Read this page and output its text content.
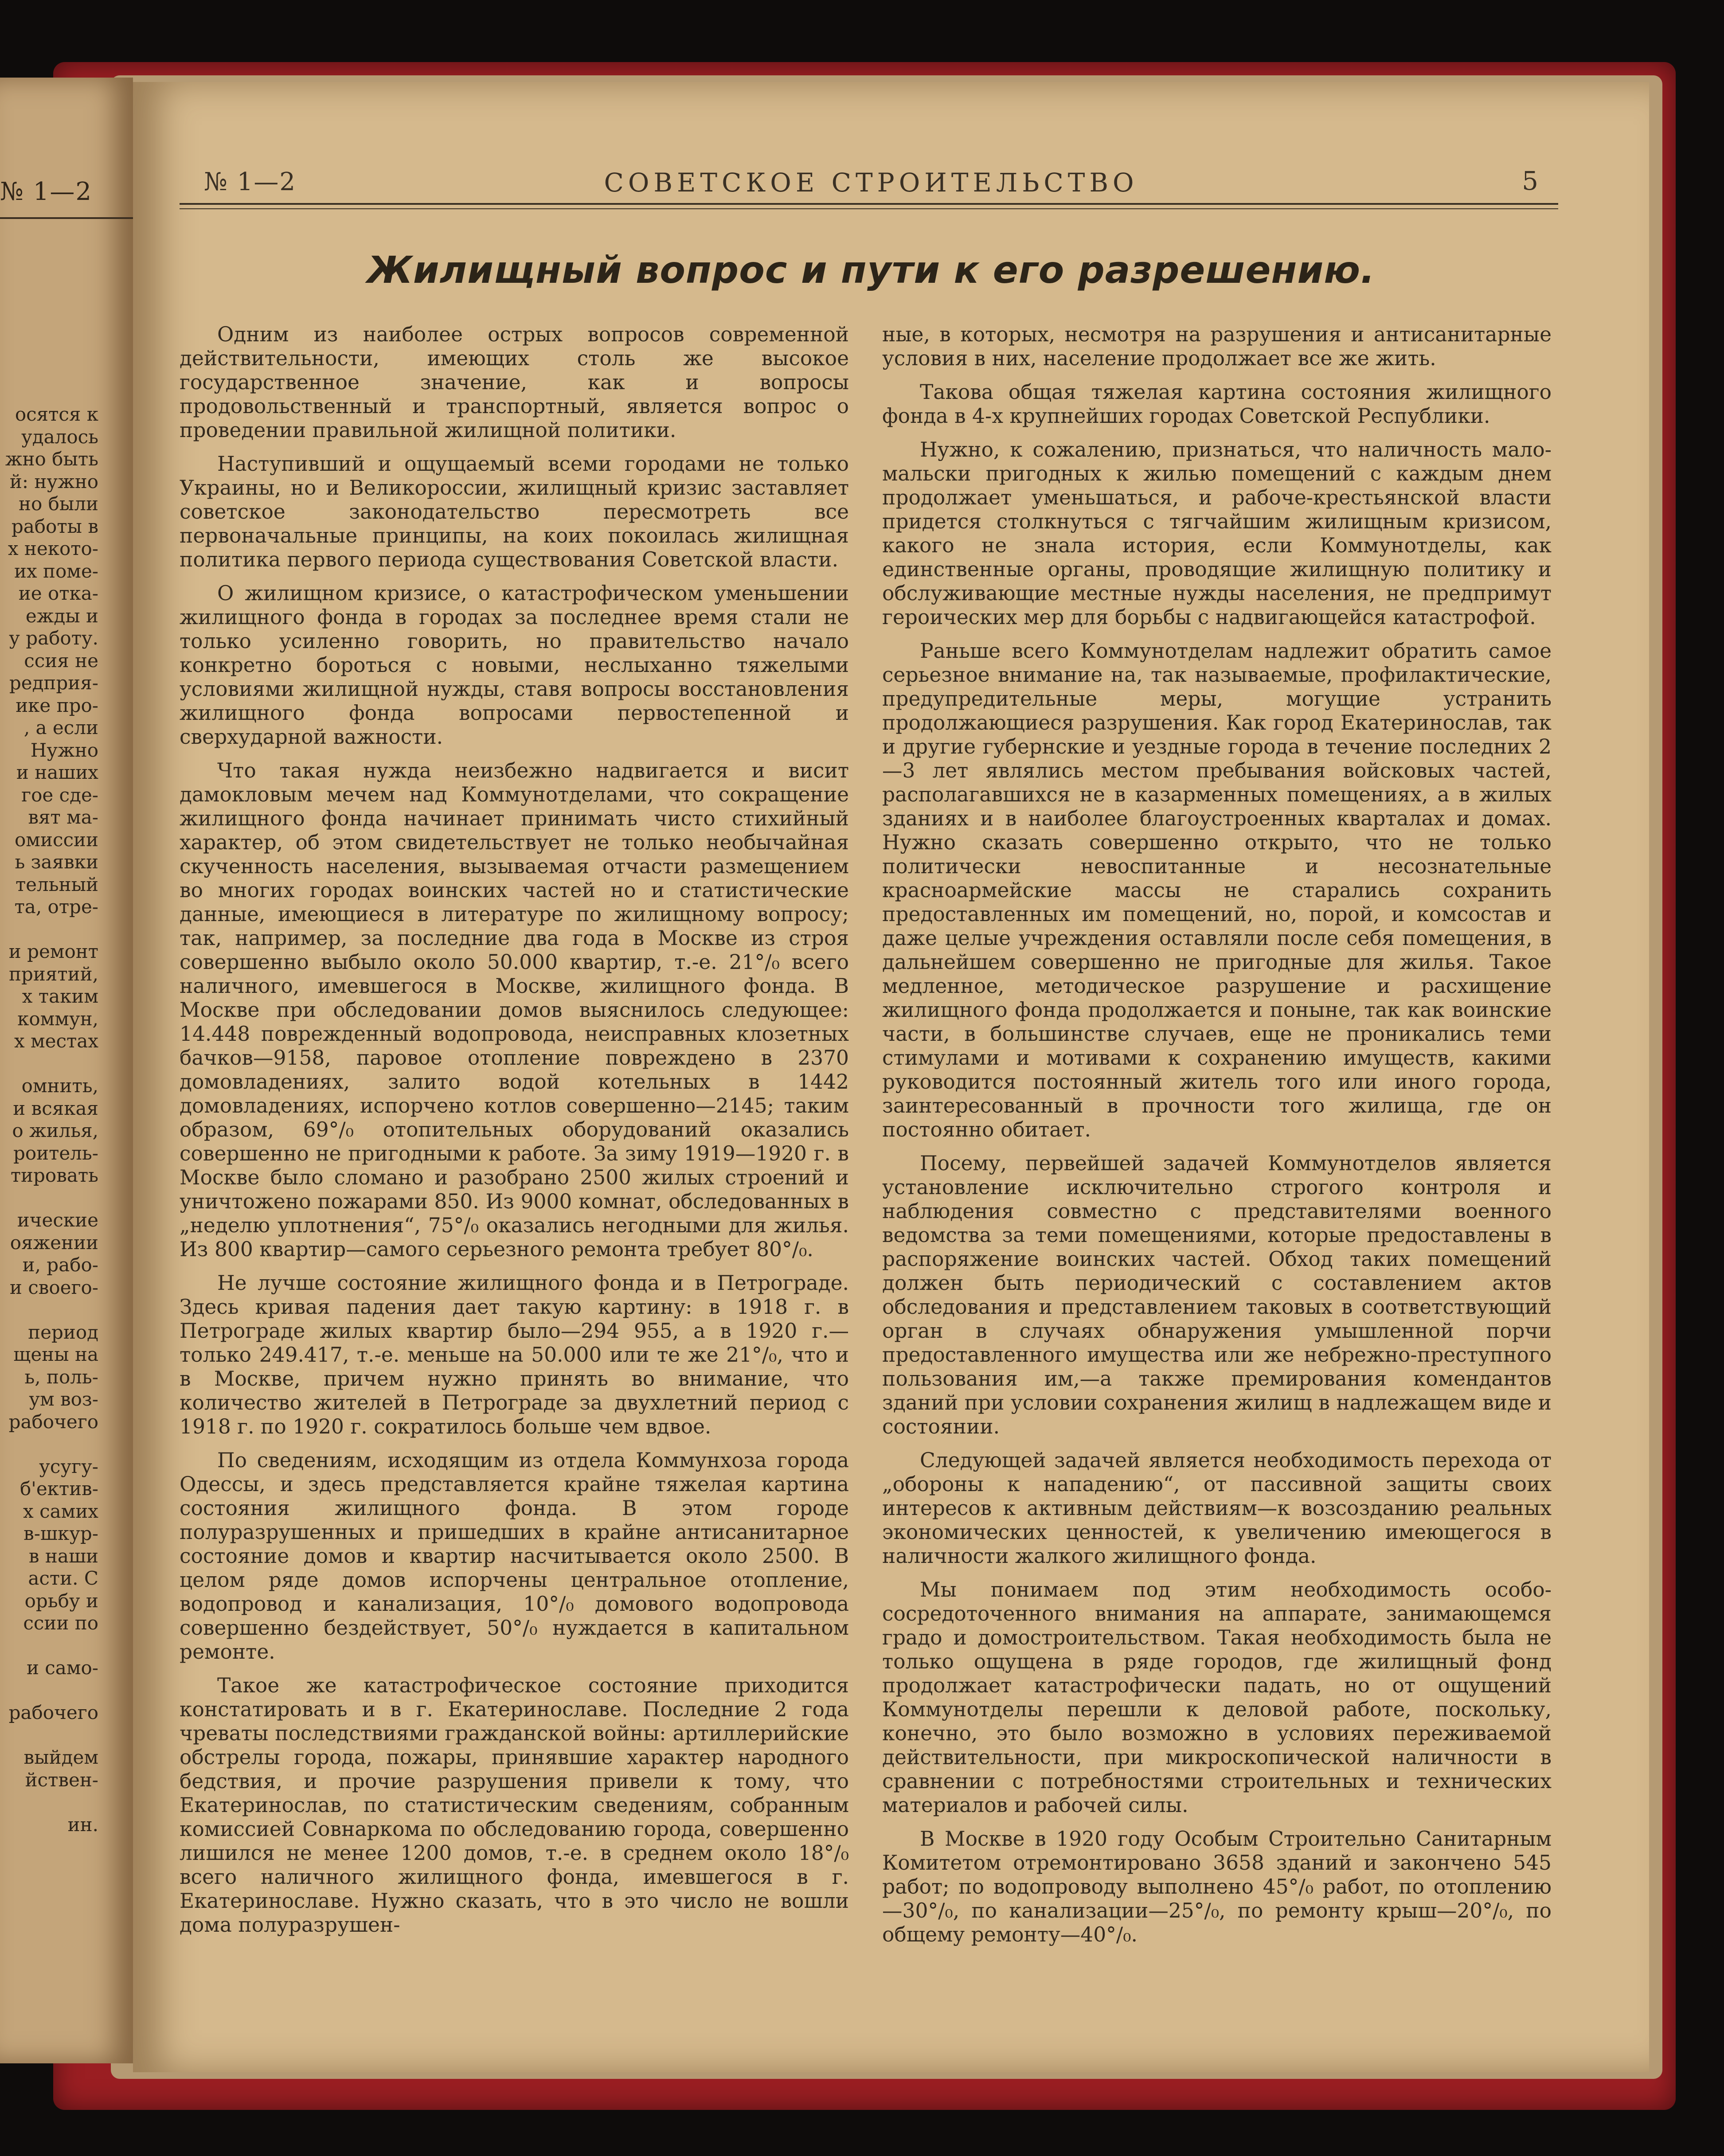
№ 1—2
осятся к
удалось
жно быть
й: нужно
но были
работы в
х некото-
их поме-
ие отка-
ежды и
у работу.
ссия не
редприя-
ике про-
, а если
Нужно
и наших
гое сде-
вят ма-
омиссии
ь заявки
тельный
та, отре-
и ремонт
приятий,
х таким
коммун,
х местах
омнить,
и всякая
о жилья,
роитель-
тировать
ические
ояжении
и, рабо-
и своего-
период
щены на
ь, поль-
ум воз-
рабочего
усугу-
б'ектив-
х самих
в-шкур-
в наши
асти. С
орьбу и
ссии по
и само-
рабочего
выйдем
йствен-
ин.
№ 1—2	СОВЕТСКОЕ СТРОИТЕЛЬСТВО	5
Жилищный вопрос и пути к его разрешению.

Одним из наиболее острых вопросов современной действительности, имеющих столь же высокое государственное значение, как и вопросы продовольственный и транспортный, является вопрос о проведении правильной жилищной политики.

Наступивший и ощущаемый всеми городами не только Украины, но и Великороссии, жилищный кризис заставляет советское законодательство пересмотреть все первоначальные принципы, на коих покоилась жилищная политика первого периода существования Советской власти.

О жилищном кризисе, о катастрофическом уменьшении жилищного фонда в городах за последнее время стали не только усиленно говорить, но правительство начало конкретно бороться с новыми, неслыханно тяжелыми условиями жилищной нужды, ставя вопросы восстановления жилищного фонда вопросами первостепенной и сверхударной важности.

Что такая нужда неизбежно надвигается и висит дамокловым мечем над Коммунотделами, что сокращение жилищного фонда начинает принимать чисто стихийный характер, об этом свидетельствует не только необычайная скученность населения, вызываемая отчасти размещением во многих городах воинских частей но и статистические данные, имеющиеся в литературе по жилищному вопросу; так, например, за последние два года в Москве из строя совершенно выбыло около 50.000 квартир, т.-е. 21°/₀ всего наличного, имевшегося в Москве, жилищного фонда. В Москве при обследовании домов выяснилось следующее: 14.448 поврежденный водопровода, неисправных клозетных бачков—9158, паровое отопление повреждено в 2370 домовладениях, залито водой котельных в 1442 домовладениях, испорчено котлов совершенно—2145; таким образом, 69°/₀ отопительных оборудований оказались совершенно не пригодными к работе. За зиму 1919—1920 г. в Москве было сломано и разобрано 2500 жилых строений и уничтожено пожарами 850. Из 9000 комнат, обследованных в „неделю уплотнения“, 75°/₀ оказались негодными для жилья. Из 800 квартир—самого серьезного ремонта требует 80°/₀.

Не лучше состояние жилищного фонда и в Петрограде. Здесь кривая падения дает такую картину: в 1918 г. в Петрограде жилых квартир было—294 955, а в 1920 г.—только 249.417, т.-е. меньше на 50.000 или те же 21°/₀, что и в Москве, причем нужно принять во внимание, что количество жителей в Петрограде за двухлетний период с 1918 г. по 1920 г. сократилось больше чем вдвое.

По сведениям, исходящим из отдела Коммунхоза города Одессы, и здесь представляется крайне тяжелая картина состояния жилищного фонда. В этом городе полуразрушенных и пришедших в крайне антисанитарное состояние домов и квартир насчитывается около 2500. В целом ряде домов испорчены центральное отопление, водопровод и канализация, 10°/₀ домового водопровода совершенно бездействует, 50°/₀ нуждается в капитальном ремонте.

Такое же катастрофическое состояние приходится констатировать и в г. Екатеринославе. Последние 2 года чреваты последствиями гражданской войны: артиллерийские обстрелы города, пожары, принявшие характер народного бедствия, и прочие разрушения привели к тому, что Екатеринослав, по статистическим сведениям, собранным комиссией Совнаркома по обследованию города, совершенно лишился не менее 1200 домов, т.-е. в среднем около 18°/₀ всего наличного жилищного фонда, имевшегося в г. Екатеринославе. Нужно сказать, что в это число не вошли дома полуразрушен-

ные, в которых, несмотря на разрушения и антисанитарные условия в них, население продолжает все же жить.

Такова общая тяжелая картина состояния жилищного фонда в 4-х крупнейших городах Советской Республики.

Нужно, к сожалению, признаться, что наличность мало-мальски пригодных к жилью помещений с каждым днем продолжает уменьшаться, и рабоче-крестьянской власти придется столкнуться с тягчайшим жилищным кризисом, какого не знала история, если Коммунотделы, как единственные органы, проводящие жилищную политику и обслуживающие местные нужды населения, не предпримут героических мер для борьбы с надвигающейся катастрофой.

Раньше всего Коммунотделам надлежит обратить самое серьезное внимание на, так называемые, профилактические, предупредительные меры, могущие устранить продолжающиеся разрушения. Как город Екатеринослав, так и другие губернские и уездные города в течение последних 2—3 лет являлись местом пребывания войсковых частей, располагавшихся не в казарменных помещениях, а в жилых зданиях и в наиболее благоустроенных кварталах и домах. Нужно сказать совершенно открыто, что не только политически невоспитанные и несознательные красноармейские массы не старались сохранить предоставленных им помещений, но, порой, и комсостав и даже целые учреждения оставляли после себя помещения, в дальнейшем совершенно не пригодные для жилья. Такое медленное, методическое разрушение и расхищение жилищного фонда продолжается и поныне, так как воинские части, в большинстве случаев, еще не проникались теми стимулами и мотивами к сохранению имуществ, какими руководится постоянный житель того или иного города, заинтересованный в прочности того жилища, где он постоянно обитает.

Посему, первейшей задачей Коммунотделов является установление исключительно строгого контроля и наблюдения совместно с представителями военного ведомства за теми помещениями, которые предоставлены в распоряжение воинских частей. Обход таких помещений должен быть периодический с составлением актов обследования и представлением таковых в соответствующий орган в случаях обнаружения умышленной порчи предоставленного имущества или же небрежно-преступного пользования им,—а также премирования комендантов зданий при условии сохранения жилищ в надлежащем виде и состоянии.

Следующей задачей является необходимость перехода от „обороны к нападению“, от пассивной защиты своих интересов к активным действиям—к возсозданию реальных экономических ценностей, к увеличению имеющегося в наличности жалкого жилищного фонда.

Мы понимаем под этим необходимость особо-сосредоточенного внимания на аппарате, занимающемся градо и домостроительством. Такая необходимость была не только ощущена в ряде городов, где жилищный фонд продолжает катастрофически падать, но от ощущений Коммунотделы перешли к деловой работе, поскольку, конечно, это было возможно в условиях переживаемой действительности, при микроскопической наличности в сравнении с потребностями строительных и технических материалов и рабочей силы.

В Москве в 1920 году Особым Строительно Санитарным Комитетом отремонтировано 3658 зданий и закончено 545 работ; по водопроводу выполнено 45°/₀ работ, по отоплению—30°/₀, по канализации—25°/₀, по ремонту крыш—20°/₀, по общему ремонту—40°/₀.
